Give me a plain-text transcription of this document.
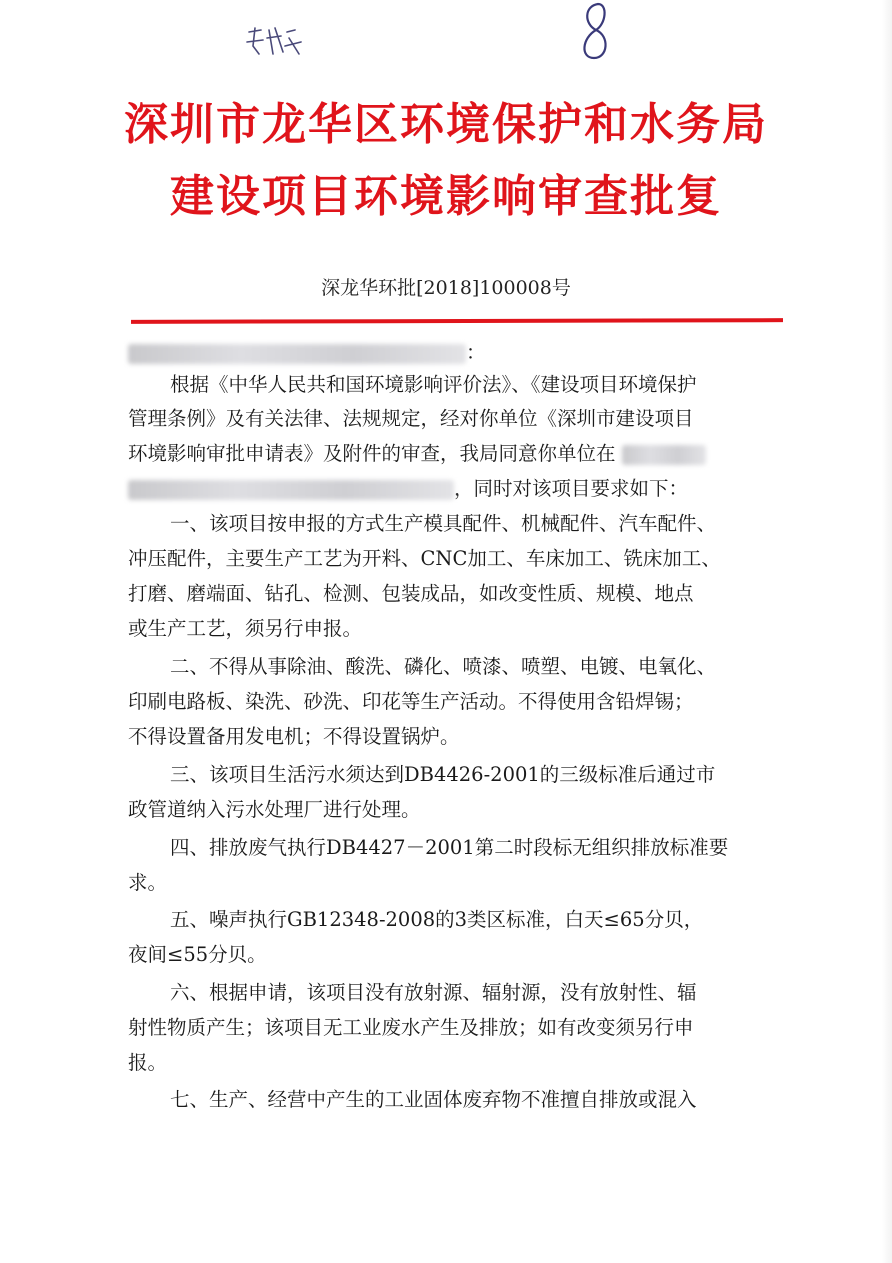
深圳市龙华区环境保护和水务局
建设项目环境影响审查批复
深龙华环批[2018]100008号
：
根据《中华人民共和国环境影响评价法》、《建设项目环境保护
管理条例》及有关法律、法规规定，经对你单位《深圳市建设项目
环境影响审批申请表》及附件的审查，我局同意你单位在
，同时对该项目要求如下：
一、该项目按申报的方式生产模具配件、机械配件、汽车配件、
冲压配件，主要生产工艺为开料、CNC加工、车床加工、铣床加工、
打磨、磨端面、钻孔、检测、包装成品，如改变性质、规模、地点
或生产工艺，须另行申报。
二、不得从事除油、酸洗、磷化、喷漆、喷塑、电镀、电氧化、
印刷电路板、染洗、砂洗、印花等生产活动。不得使用含铅焊锡；
不得设置备用发电机；不得设置锅炉。
三、该项目生活污水须达到DB4426-2001的三级标准后通过市
政管道纳入污水处理厂进行处理。
四、排放废气执行DB4427－2001第二时段标无组织排放标准要
求。
五、噪声执行GB12348-2008的3类区标准，白天≤65分贝，
夜间≤55分贝。
六、根据申请，该项目没有放射源、辐射源，没有放射性、辐
射性物质产生；该项目无工业废水产生及排放；如有改变须另行申
报。
七、生产、经营中产生的工业固体废弃物不准擅自排放或混入
